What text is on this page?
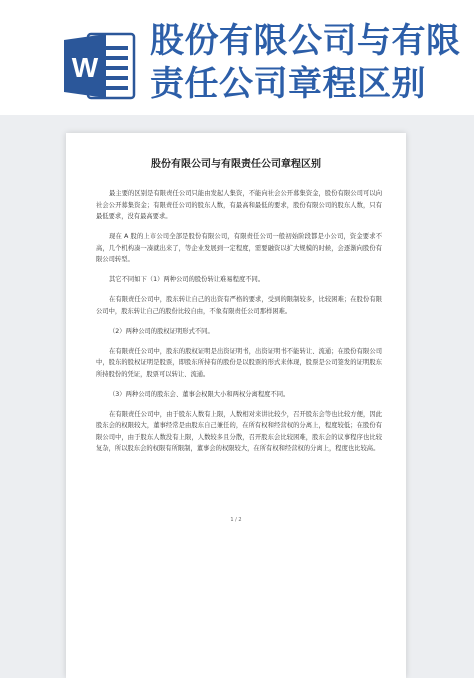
W
股份有限公司与有限责任公司章程区别
股份有限公司与有限责任公司章程区别

最主要的区别是有限责任公司只能由发起人集资，不能向社会公开募集资金，股份有限公司可以向社会公开募集资金；有限责任公司的股东人数，有最高和最低的要求，股份有限公司的股东人数，只有最低要求，没有最高要求。

现在 A 股的上市公司全部是股份有限公司，有限责任公司一般初始阶段都是小公司，资金要求不高，几个机构凑一凑就出来了，等企业发展到一定程度，需要融资以扩大规模的时候，会逐渐向股份有限公司转型。

其它不同如下（1）两种公司的股份转让难易程度不同。

在有限责任公司中，股东转让自己的出资有严格的要求，受到的限制较多，比较困难；在股份有限公司中，股东转让自己的股份比较自由，不象有限责任公司那样困难。

（2）两种公司的股权证明形式不同。

在有限责任公司中，股东的股权证明是出资证明书，出资证明书不能转让、流通；在股份有限公司中，股东的股权证明是股票，即股东所持有的股份是以股票的形式来体现，股票是公司签发的证明股东所持股份的凭证，股票可以转让、流通。

（3）两种公司的股东会、董事会权限大小和两权分离程度不同。

在有限责任公司中，由于股东人数有上限，人数相对来讲比较少，召开股东会等也比较方便，因此股东会的权限较大，董事经常是由股东自己兼任的，在所有权和经营权的分离上，程度较低；在股份有限公司中，由于股东人数没有上限，人数较多且分散，召开股东会比较困难，股东会的议事程序也比较复杂，所以股东会的权限有所限制，董事会的权限较大，在所有权和经营权的分离上，程度也比较高。

1 / 2
